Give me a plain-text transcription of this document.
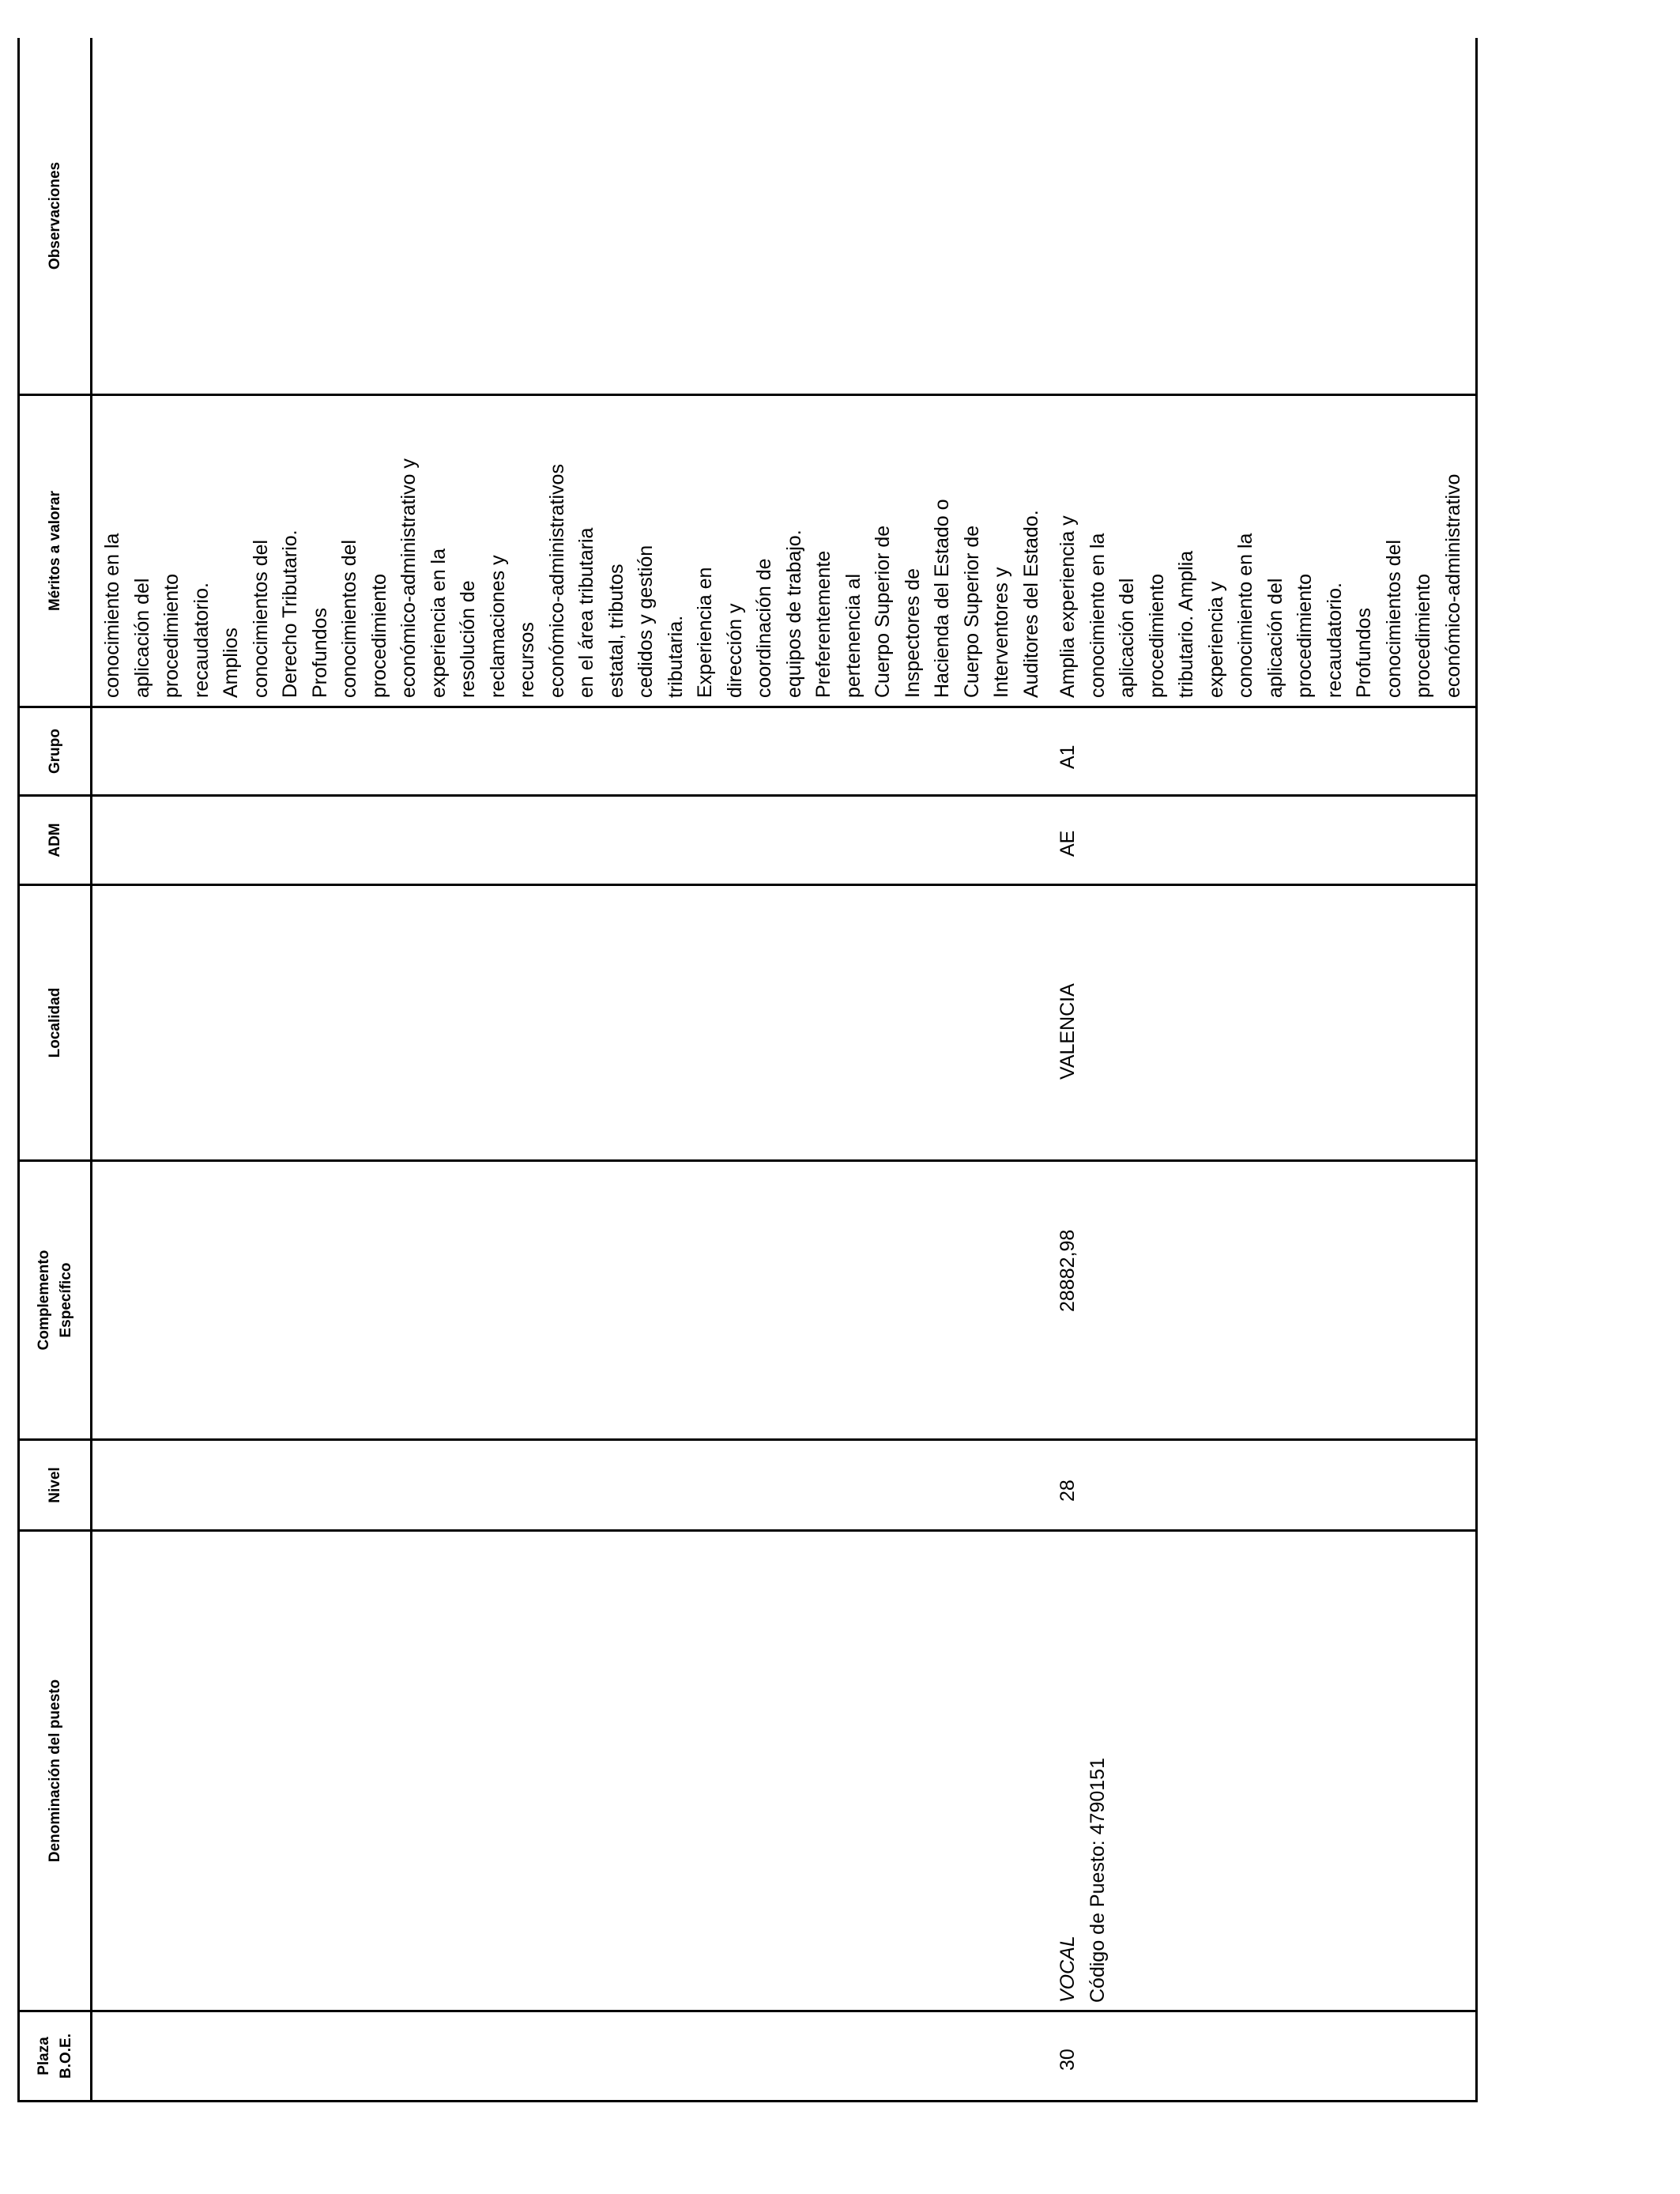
Plaza B.O.E.
Denominación del puesto
Nivel
Complemento Específico
Localidad
ADM
Grupo
Méritos a valorar
Observaciones
conocimiento en la aplicación del procedimiento recaudatorio. Amplios conocimientos del Derecho Tributario. Profundos conocimientos del procedimiento económico-administrativo y experiencia en la resolución de reclamaciones y recursos económico-administrativos en el área tributaria estatal, tributos cedidos y gestión tributaria. Experiencia en dirección y coordinación de equipos de trabajo. Preferentemente pertenencia al Cuerpo Superior de Inspectores de Hacienda del Estado o Cuerpo Superior de Interventores y Auditores del Estado.
30
VOCAL Código de Puesto: 4790151
28
28882,98
VALENCIA
AE
A1
Amplia experiencia y conocimiento en la aplicación del procedimiento tributario. Amplia experiencia y conocimiento en la aplicación del procedimiento recaudatorio. Profundos conocimientos del procedimiento económico-administrativo
